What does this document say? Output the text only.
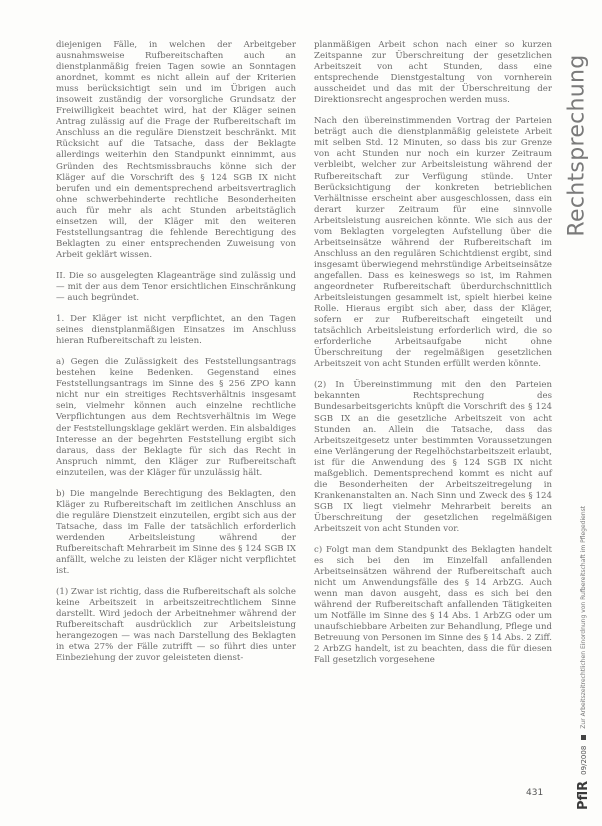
diejenigen Fälle, in welchen der Arbeitgeber ausnahmsweise Rufbereitschaften auch an dienstplanmäßig freien Tagen sowie an Sonntagen anordnet, kommt es nicht allein auf der Kriterien muss berücksichtigt sein und im Übrigen auch insoweit zuständig der vorsorgliche Grundsatz der Freiwilligkeit beachtet wird, hat der Kläger seinen Antrag zulässig auf die Frage der Rufbereitschaft im Anschluss an die reguläre Dienstzeit beschränkt. Mit Rücksicht auf die Tatsache, dass der Beklagte allerdings weiterhin den Standpunkt einnimmt, aus Gründen des Rechtsmissbrauchs könne sich der Kläger auf die Vorschrift des § 124 SGB IX nicht berufen und ein dementsprechend arbeitsvertraglich ohne schwerbehinderte rechtliche Besonderheiten auch für mehr als acht Stunden arbeitstäglich einsetzen will, der Kläger mit den weiteren Feststellungsantrag die fehlende Berechtigung des Beklagten zu einer entsprechenden Zuweisung von Arbeit geklärt wissen.

II. Die so ausgelegten Klageanträge sind zulässig und — mit der aus dem Tenor ersichtlichen Einschränkung — auch begründet.

1. Der Kläger ist nicht verpflichtet, an den Tagen seines dienstplanmäßigen Einsatzes im Anschluss hieran Rufbereitschaft zu leisten.

a) Gegen die Zulässigkeit des Feststellungsantrags bestehen keine Bedenken. Gegenstand eines Feststellungsantrags im Sinne des § 256 ZPO kann nicht nur ein streitiges Rechtsverhältnis insgesamt sein, vielmehr können auch einzelne rechtliche Verpflichtungen aus dem Rechtsverhältnis im Wege der Feststellungsklage geklärt werden. Ein alsbaldiges Interesse an der begehrten Feststellung ergibt sich daraus, dass der Beklagte für sich das Recht in Anspruch nimmt, den Kläger zur Rufbereitschaft einzuteilen, was der Kläger für unzulässig hält.

b) Die mangelnde Berechtigung des Beklagten, den Kläger zu Rufbereitschaft im zeitlichen Anschluss an die reguläre Dienstzeit einzuteilen, ergibt sich aus der Tatsache, dass im Falle der tatsächlich erforderlich werdenden Arbeitsleistung während der Rufbereitschaft Mehrarbeit im Sinne des § 124 SGB IX anfällt, welche zu leisten der Kläger nicht verpflichtet ist.

(1) Zwar ist richtig, dass die Rufbereitschaft als solche keine Arbeitszeit in arbeitszeitrechtlichem Sinne darstellt. Wird jedoch der Arbeitnehmer während der Rufbereitschaft ausdrücklich zur Arbeitsleistung herangezogen — was nach Darstellung des Beklagten in etwa 27% der Fälle zutrifft — so führt dies unter Einbeziehung der zuvor geleisteten dienst-

planmäßigen Arbeit schon nach einer so kurzen Zeitspanne zur Überschreitung der gesetzlichen Arbeitszeit von acht Stunden, dass eine entsprechende Dienstgestaltung von vornherein ausscheidet und das mit der Überschreitung der Direktionsrecht angesprochen werden muss.

Nach den übereinstimmenden Vortrag der Parteien beträgt auch die dienstplanmäßig geleistete Arbeit mit selben Std. 12 Minuten, so dass bis zur Grenze von acht Stunden nur noch ein kurzer Zeitraum verbleibt, welcher zur Arbeitsleistung während der Rufbereitschaft zur Verfügung stünde. Unter Berücksichtigung der konkreten betrieblichen Verhältnisse erscheint aber ausgeschlossen, dass ein derart kurzer Zeitraum für eine sinnvolle Arbeitsleistung ausreichen könnte. Wie sich aus der vom Beklagten vorgelegten Aufstellung über die Arbeitseinsätze während der Rufbereitschaft im Anschluss an den regulären Schichtdienst ergibt, sind insgesamt überwiegend mehrstündige Arbeitseinsätze angefallen. Dass es keineswegs so ist, im Rahmen angeordneter Rufbereitschaft überdurchschnittlich Arbeitsleistungen gesammelt ist, spielt hierbei keine Rolle. Hieraus ergibt sich aber, dass der Kläger, sofern er zur Rufbereitschaft eingeteilt und tatsächlich Arbeitsleistung erforderlich wird, die so erforderliche Arbeitsaufgabe nicht ohne Überschreitung der regelmäßigen gesetzlichen Arbeitszeit von acht Stunden erfüllt werden könnte.

(2) In Übereinstimmung mit den den Parteien bekannten Rechtsprechung des Bundesarbeitsgerichts knüpft die Vorschrift des § 124 SGB IX an die gesetzliche Arbeitszeit von acht Stunden an. Allein die Tatsache, dass das Arbeitszeitgesetz unter bestimmten Voraussetzungen eine Verlängerung der Regelhöchstarbeitszeit erlaubt, ist für die Anwendung des § 124 SGB IX nicht maßgeblich. Dementsprechend kommt es nicht auf die Besonderheiten der Arbeitszeitregelung in Krankenanstalten an. Nach Sinn und Zweck des § 124 SGB IX liegt vielmehr Mehrarbeit bereits an Überschreitung der gesetzlichen regelmäßigen Arbeitszeit von acht Stunden vor.

c) Folgt man dem Standpunkt des Beklagten handelt es sich bei den im Einzelfall anfallenden Arbeitseinsätzen während der Rufbereitschaft auch nicht um Anwendungsfälle des § 14 ArbZG. Auch wenn man davon ausgeht, dass es sich bei den während der Rufbereitschaft anfallenden Tätigkeiten um Notfälle im Sinne des § 14 Abs. 1 ArbZG oder um unaufschiebbare Arbeiten zur Behandlung, Pflege und Betreuung von Personen im Sinne des § 14 Abs. 2 Ziff. 2 ArbZG handelt, ist zu beachten, dass die für diesen Fall gesetzlich vorgesehene

Rechtsprechung
PflR
09/2008
Zur Arbeitszeitrechtlichen Einordnung von Rufbereitschaft im Pflegedienst
431
